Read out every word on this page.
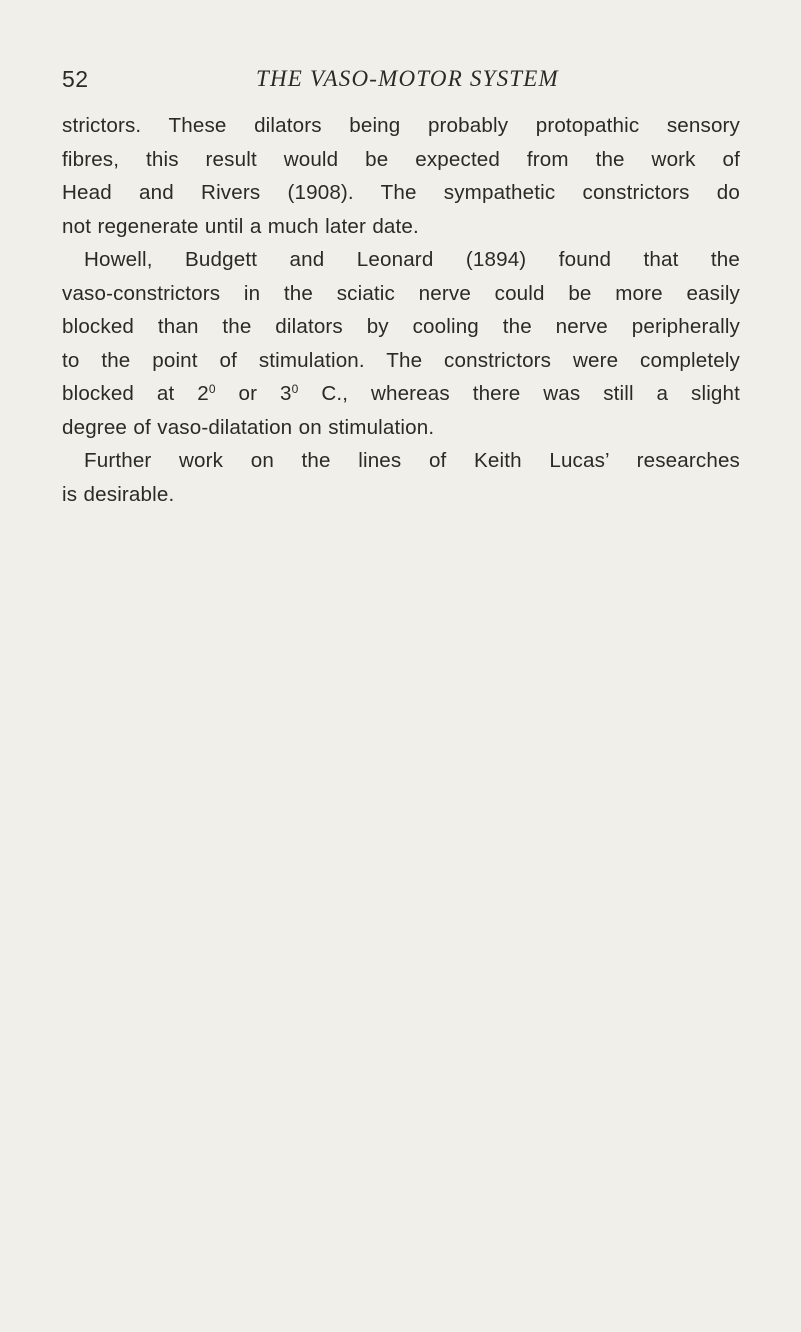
52	THE VASO-MOTOR SYSTEM

strictors. These dilators being probably protopathic sensory
fibres, this result would be expected from the work of
Head and Rivers (1908). The sympathetic constrictors do
not regenerate until a much later date.

Howell, Budgett and Leonard (1894) found that the
vaso-constrictors in the sciatic nerve could be more easily
blocked than the dilators by cooling the nerve peripherally
to the point of stimulation. The constrictors were completely
blocked at $2^0$ or $3^0$ C., whereas there was still a slight
degree of vaso-dilatation on stimulation.

Further work on the lines of Keith Lucas’ researches
is desirable.
